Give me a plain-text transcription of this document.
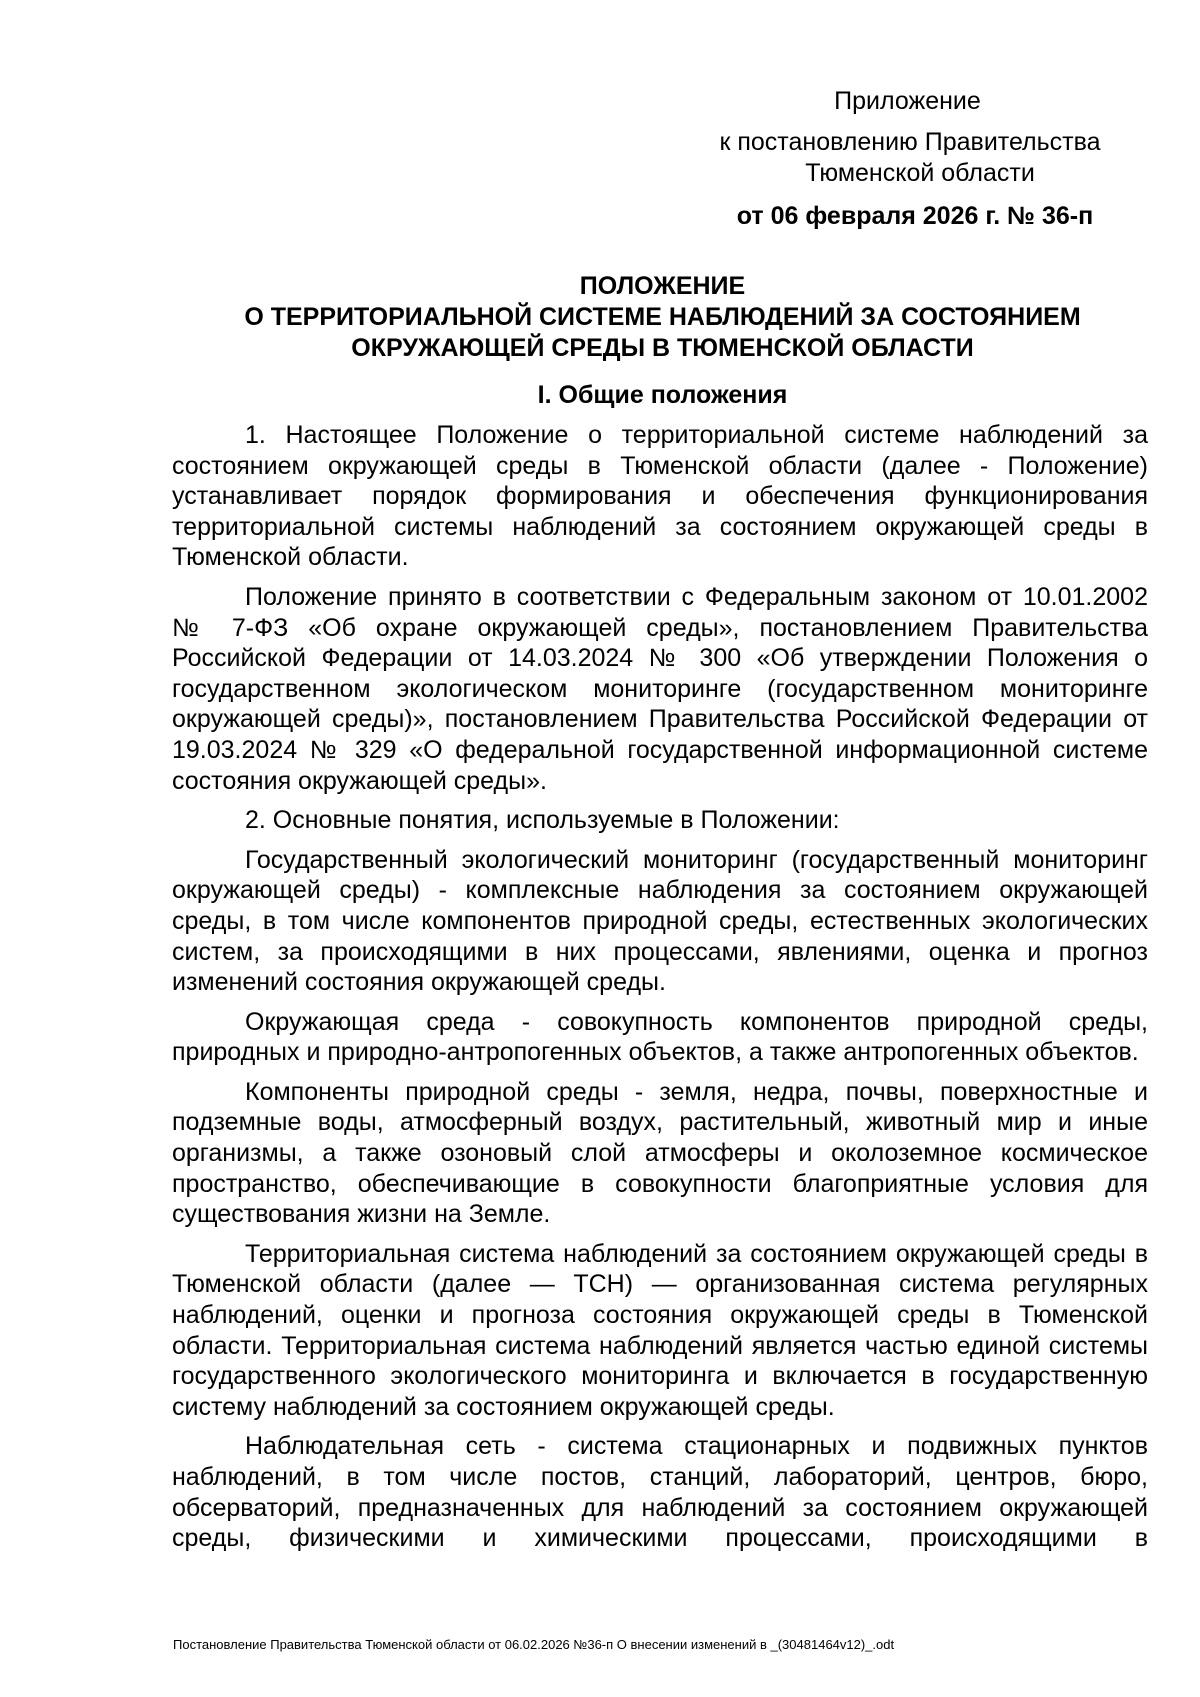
Приложение
к постановлению Правительства
Тюменской области
от 06 февраля 2026 г. № 36-п
ПОЛОЖЕНИЕ
О ТЕРРИТОРИАЛЬНОЙ СИСТЕМЕ НАБЛЮДЕНИЙ ЗА СОСТОЯНИЕМ
ОКРУЖАЮЩЕЙ СРЕДЫ В ТЮМЕНСКОЙ ОБЛАСТИ
I. Общие положения

1. Настоящее Положение о территориальной системе наблюдений за состоянием окружающей среды в Тюменской области (далее - Положение) устанавливает порядок формирования и обеспечения функционирования территориальной системы наблюдений за состоянием окружающей среды в Тюменской области.

Положение принято в соответствии с Федеральным законом от 10.01.2002 № 7-ФЗ «Об охране окружающей среды», постановлением Правительства Российской Федерации от 14.03.2024 № 300 «Об утверждении Положения о государственном экологическом мониторинге (государственном мониторинге окружающей среды)», постановлением Правительства Российской Федерации от 19.03.2024 № 329 «О федеральной государственной информационной системе состояния окружающей среды».

2. Основные понятия, используемые в Положении:

Государственный экологический мониторинг (государственный мониторинг окружающей среды) - комплексные наблюдения за состоянием окружающей среды, в том числе компонентов природной среды, естественных экологических систем, за происходящими в них процессами, явлениями, оценка и прогноз изменений состояния окружающей среды.

Окружающая среда - совокупность компонентов природной среды, природных и природно-антропогенных объектов, а также антропогенных объектов.

Компоненты природной среды - земля, недра, почвы, поверхностные и подземные воды, атмосферный воздух, растительный, животный мир и иные организмы, а также озоновый слой атмосферы и околоземное космическое пространство, обеспечивающие в совокупности благоприятные условия для существования жизни на Земле.

Территориальная система наблюдений за состоянием окружающей среды в Тюменской области (далее — ТСН) — организованная система регулярных наблюдений, оценки и прогноза состояния окружающей среды в Тюменской области. Территориальная система наблюдений является частью единой системы государственного экологического мониторинга и включается в государственную систему наблюдений за состоянием окружающей среды.

Наблюдательная сеть - система стационарных и подвижных пунктов наблюдений, в том числе постов, станций, лабораторий, центров, бюро, обсерваторий, предназначенных для наблюдений за состоянием окружающей среды, физическими и химическими процессами, происходящими в

Постановление Правительства Тюменской области от 06.02.2026 №36-п О внесении изменений в _(30481464v12)_.odt
